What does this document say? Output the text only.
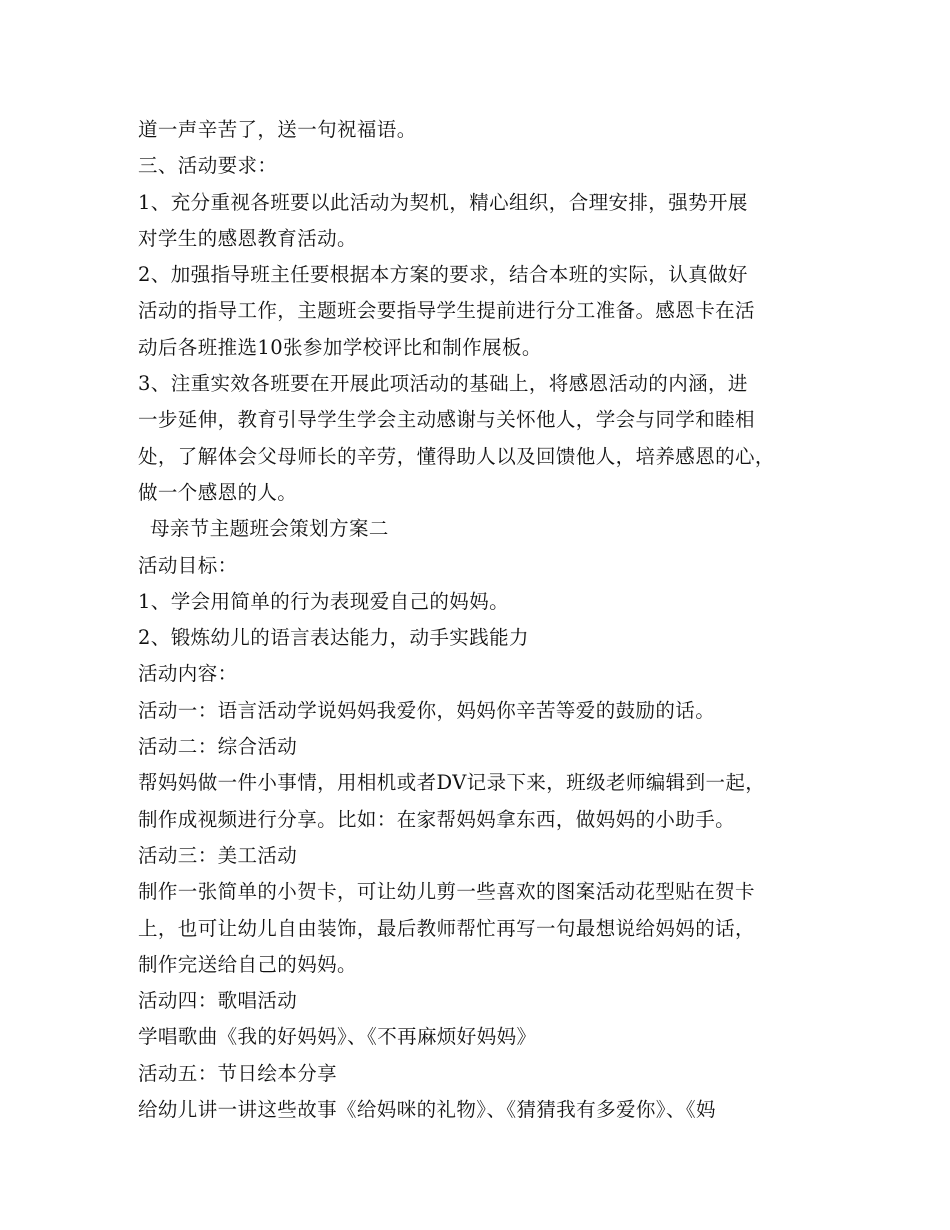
道一声辛苦了，送一句祝福语。
三、活动要求：
1、充分重视各班要以此活动为契机，精心组织，合理安排，强势开展
对学生的感恩教育活动。
2、加强指导班主任要根据本方案的要求，结合本班的实际，认真做好
活动的指导工作，主题班会要指导学生提前进行分工准备。感恩卡在活
动后各班推选10张参加学校评比和制作展板。
3、注重实效各班要在开展此项活动的基础上，将感恩活动的内涵，进
一步延伸，教育引导学生学会主动感谢与关怀他人，学会与同学和睦相
处，了解体会父母师长的辛劳，懂得助人以及回馈他人，培养感恩的心，
做一个感恩的人。
母亲节主题班会策划方案二
活动目标：
1、学会用简单的行为表现爱自己的妈妈。
2、锻炼幼儿的语言表达能力，动手实践能力
活动内容：
活动一：语言活动学说妈妈我爱你，妈妈你辛苦等爱的鼓励的话。
活动二：综合活动
帮妈妈做一件小事情，用相机或者DV记录下来，班级老师编辑到一起，
制作成视频进行分享。比如：在家帮妈妈拿东西，做妈妈的小助手。
活动三：美工活动
制作一张简单的小贺卡，可让幼儿剪一些喜欢的图案活动花型贴在贺卡
上，也可让幼儿自由装饰，最后教师帮忙再写一句最想说给妈妈的话，
制作完送给自己的妈妈。
活动四：歌唱活动
学唱歌曲《我的好妈妈》、《不再麻烦好妈妈》
活动五：节日绘本分享
给幼儿讲一讲这些故事《给妈咪的礼物》、《猜猜我有多爱你》、《妈
